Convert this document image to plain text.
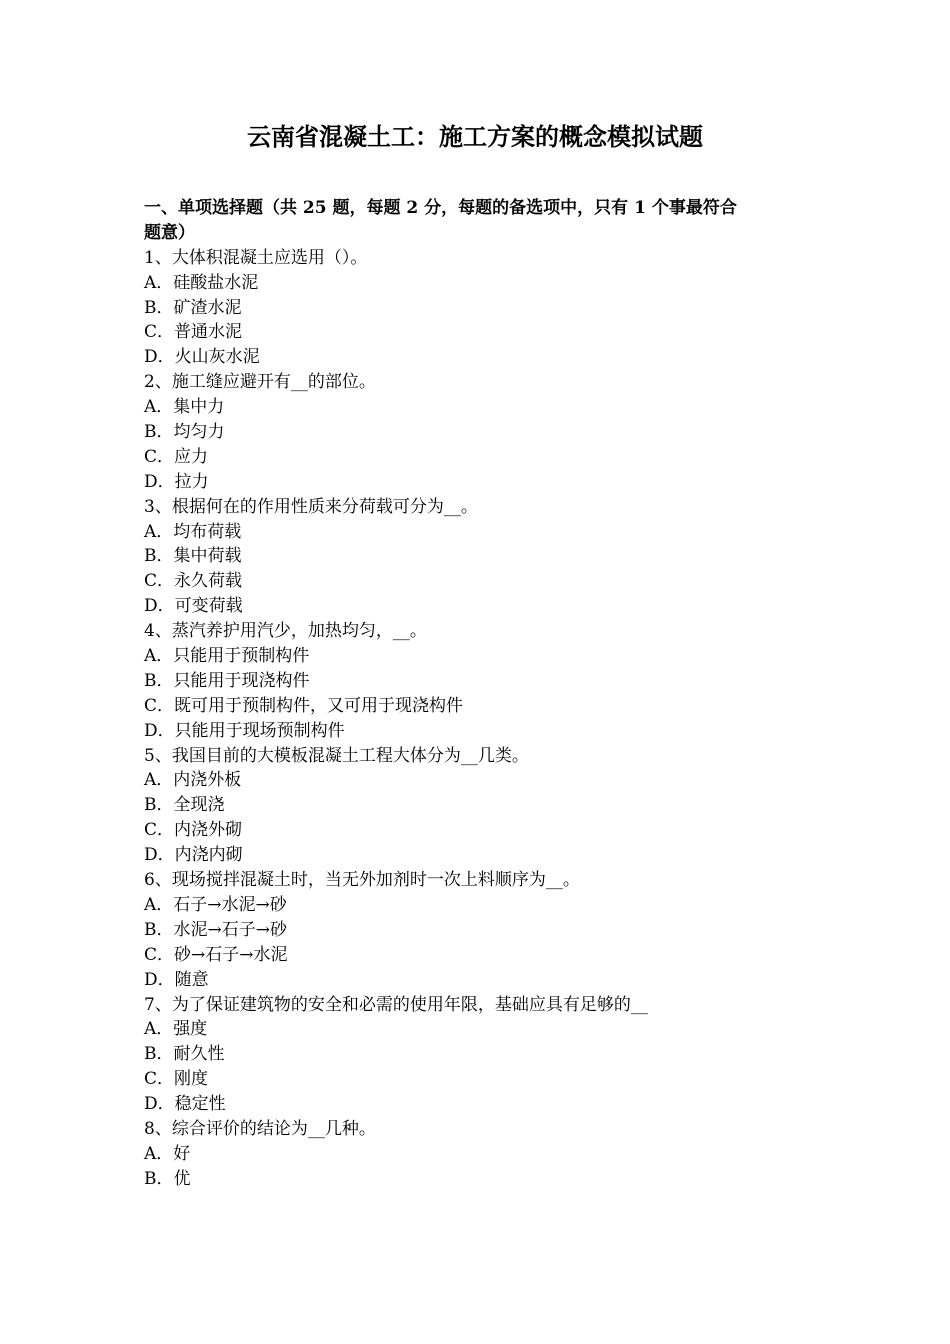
云南省混凝土工：施工方案的概念模拟试题
一、单项选择题（共 25 题，每题 2 分，每题的备选项中，只有 1 个事最符合
题意）
1、大体积混凝土应选用（）。
A．硅酸盐水泥
B．矿渣水泥
C．普通水泥
D．火山灰水泥
2、施工缝应避开有__的部位。
A．集中力
B．均匀力
C．应力
D．拉力
3、根据何在的作用性质来分荷载可分为__。
A．均布荷载
B．集中荷载
C．永久荷载
D．可变荷载
4、蒸汽养护用汽少，加热均匀，__。
A．只能用于预制构件
B．只能用于现浇构件
C．既可用于预制构件，又可用于现浇构件
D．只能用于现场预制构件
5、我国目前的大模板混凝土工程大体分为__几类。
A．内浇外板
B．全现浇
C．内浇外砌
D．内浇内砌
6、现场搅拌混凝土时，当无外加剂时一次上料顺序为__。
A．石子→水泥→砂
B．水泥→石子→砂
C．砂→石子→水泥
D．随意
7、为了保证建筑物的安全和必需的使用年限，基础应具有足够的__
A．强度
B．耐久性
C．刚度
D．稳定性
8、综合评价的结论为__几种。
A．好
B．优
